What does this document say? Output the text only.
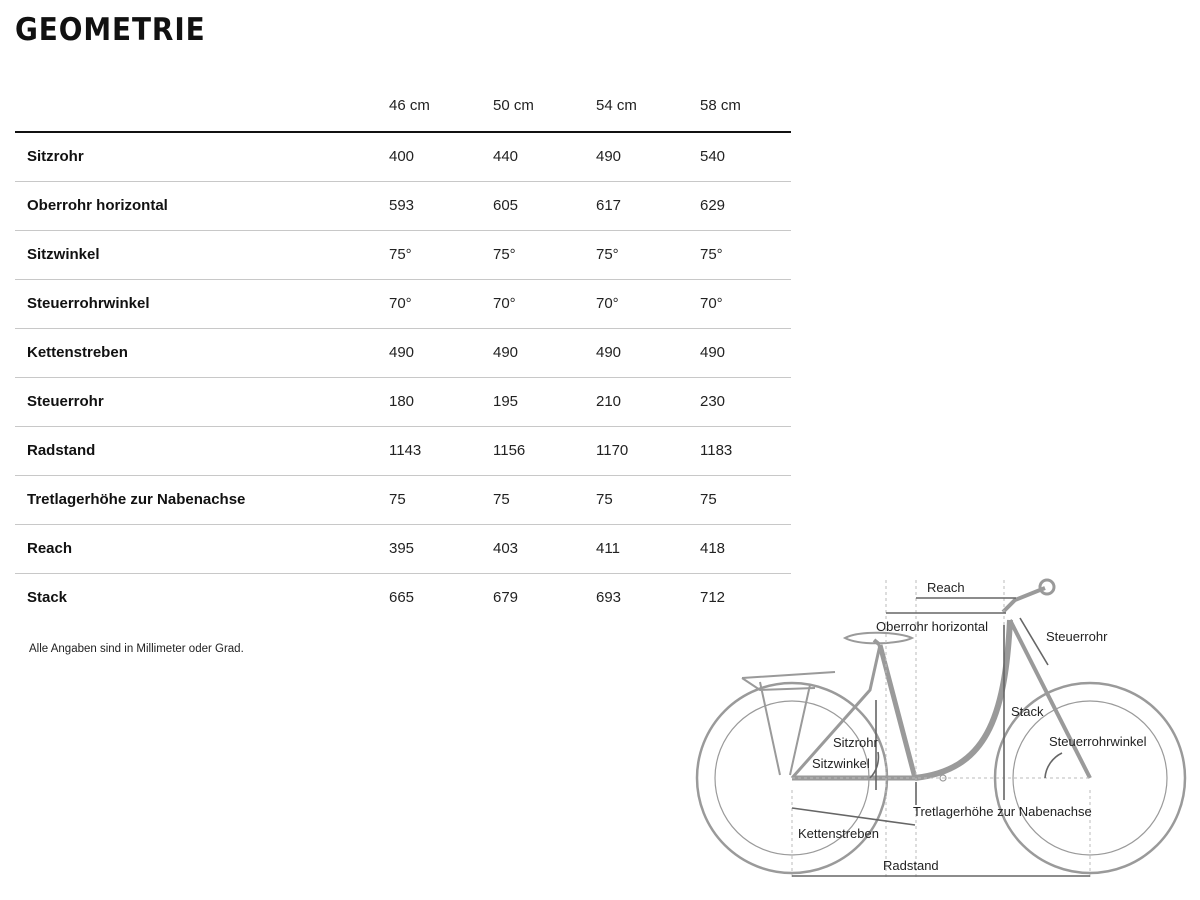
GEOMETRIE
46 cm	50 cm	54 cm	58 cm
Sitzrohr	400	440	490	540
Oberrohr horizontal	593	605	617	629
Sitzwinkel	75°	75°	75°	75°
Steuerrohrwinkel	70°	70°	70°	70°
Kettenstreben	490	490	490	490
Steuerrohr	180	195	210	230
Radstand	1143	1156	1170	1183
Tretlagerhöhe zur Nabenachse	75	75	75	75
Reach	395	403	411	418
Stack	665	679	693	712
Alle Angaben sind in Millimeter oder Grad.
Reach
Oberrohr horizontal
Steuerrohr
Stack
Steuerrohrwinkel
Sitzrohr
Sitzwinkel
Tretlagerhöhe zur Nabenachse
Kettenstreben
Radstand
